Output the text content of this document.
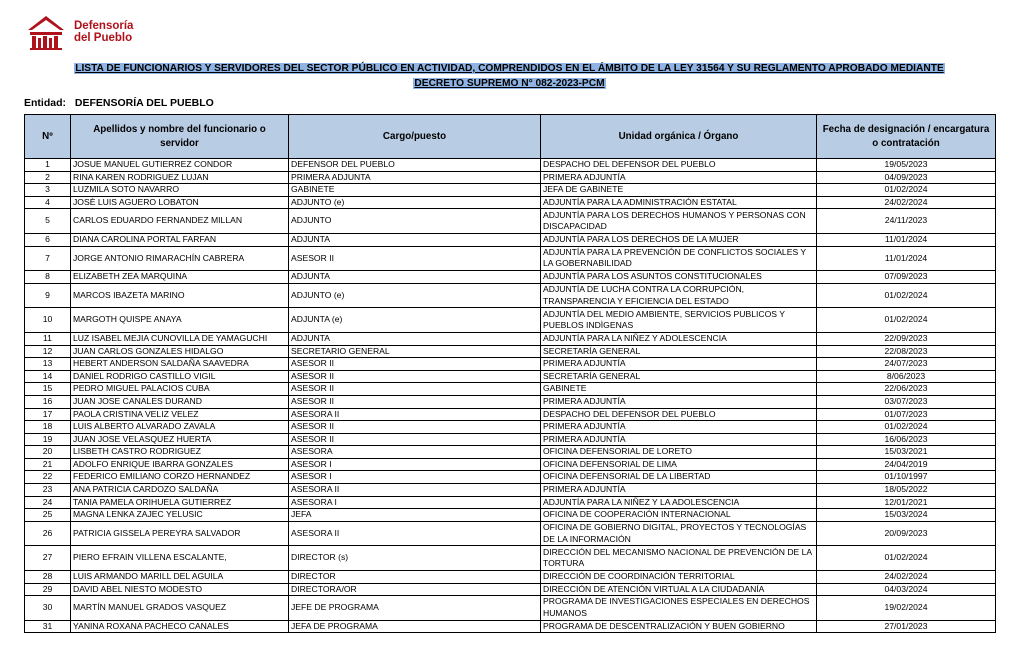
Defensoría
del Pueblo
LISTA DE FUNCIONARIOS Y SERVIDORES DEL SECTOR PÚBLICO EN ACTIVIDAD, COMPRENDIDOS EN EL ÁMBITO DE LA LEY 31564 Y SU REGLAMENTO APROBADO MEDIANTE
DECRETO SUPREMO N° 082-2023-PCM
Entidad: DEFENSORÍA DEL PUEBLO
Nº	Apellidos y nombre del funcionario o servidor	Cargo/puesto	Unidad orgánica / Órgano	Fecha de designación / encargatura o contratación
1	JOSUE MANUEL GUTIERREZ CONDOR	DEFENSOR DEL PUEBLO	DESPACHO DEL DEFENSOR DEL PUEBLO	19/05/2023
2	RINA KAREN RODRIGUEZ LUJAN	PRIMERA ADJUNTA	PRIMERA ADJUNTÍA	04/09/2023
3	LUZMILA SOTO NAVARRO	GABINETE	JEFA DE GABINETE	01/02/2024
4	JOSÈ LUIS AGUERO LOBATON	ADJUNTO (e)	ADJUNTÍA PARA LA ADMINISTRACIÓN ESTATAL	24/02/2024
5	CARLOS EDUARDO FERNANDEZ MILLAN	ADJUNTO	ADJUNTÍA PARA LOS DERECHOS HUMANOS Y PERSONAS CON DISCAPACIDAD	24/11/2023
6	DIANA CAROLINA PORTAL FARFAN	ADJUNTA	ADJUNTÍA PARA LOS DERECHOS DE LA MUJER	11/01/2024
7	JORGE ANTONIO RIMARACHÍN CABRERA	ASESOR II	ADJUNTÍA PARA LA PREVENCIÓN DE CONFLICTOS SOCIALES Y LA GOBERNABILIDAD	11/01/2024
8	ELIZABETH ZEA MARQUINA	ADJUNTA	ADJUNTÍA PARA LOS ASUNTOS CONSTITUCIONALES	07/09/2023
9	MARCOS IBAZETA MARINO	ADJUNTO (e)	ADJUNTÍA DE LUCHA CONTRA LA CORRUPCIÓN, TRANSPARENCIA Y EFICIENCIA DEL ESTADO	01/02/2024
10	MARGOTH QUISPE ANAYA	ADJUNTA (e)	ADJUNTÍA DEL MEDIO AMBIENTE, SERVICIOS PUBLICOS Y PUEBLOS INDÌGENAS	01/02/2024
11	LUZ ISABEL MEJIA CUNOVILLA DE YAMAGUCHI	ADJUNTA	ADJUNTÍA PARA LA NIÑEZ Y ADOLESCENCIA	22/09/2023
12	JUAN CARLOS GONZALES HIDALGO	SECRETARIO GENERAL	SECRETARÍA GENERAL	22/08/2023
13	HEBERT ANDERSON SALDAÑA SAAVEDRA	ASESOR II	PRIMERA ADJUNTÍA	24/07/2023
14	DANIEL RODRIGO CASTILLO VIGIL	ASESOR II	SECRETARÍA GENERAL	8/06/2023
15	PEDRO MIGUEL PALACIOS CUBA	ASESOR II	GABINETE	22/06/2023
16	JUAN JOSE CANALES DURAND	ASESOR II	PRIMERA ADJUNTÍA	03/07/2023
17	PAOLA CRISTINA VELIZ VELEZ	ASESORA II	DESPACHO DEL DEFENSOR DEL PUEBLO	01/07/2023
18	LUIS ALBERTO ALVARADO ZAVALA	ASESOR II	PRIMERA ADJUNTÍA	01/02/2024
19	JUAN JOSE VELASQUEZ HUERTA	ASESOR II	PRIMERA ADJUNTÍA	16/06/2023
20	LISBETH CASTRO RODRIGUEZ	ASESORA	OFICINA DEFENSORIAL DE LORETO	15/03/2021
21	ADOLFO ENRIQUE IBARRA GONZALES	ASESOR I	OFICINA DEFENSORIAL DE LIMA	24/04/2019
22	FEDERICO EMILIANO CORZO HERNANDEZ	ASESOR I	OFICINA DEFENSORIAL DE LA LIBERTAD	01/10/1997
23	ANA PATRICIA CARDOZO SALDAÑA	ASESORA II	PRIMERA ADJUNTÍA	18/05/2022
24	TANIA PAMELA ORIHUELA GUTIERREZ	ASESORA I	ADJUNTÍA PARA LA NIÑEZ Y LA ADOLESCENCIA	12/01/2021
25	MAGNA LENKA ZAJEC YELUSIC	JEFA	OFICINA DE COOPERACIÓN INTERNACIONAL	15/03/2024
26	PATRICIA GISSELA PEREYRA SALVADOR	ASESORA II	OFICINA DE GOBIERNO DIGITAL, PROYECTOS Y TECNOLOGÍAS DE LA INFORMACIÓN	20/09/2023
27	PIERO EFRAIN VILLENA ESCALANTE,	DIRECTOR (s)	DIRECCIÓN DEL MECANISMO NACIONAL DE PREVENCIÓN DE LA TORTURA	01/02/2024
28	LUIS ARMANDO MARILL DEL AGUILA	DIRECTOR	DIRECCIÓN DE COORDINACIÓN TERRITORIAL	24/02/2024
29	DAVID ABEL NIESTO MODESTO	DIRECTORA/OR	DIRECCIÓN DE ATENCIÓN VIRTUAL A LA CIUDADANÍA	04/03/2024
30	MARTÍN MANUEL GRADOS VASQUEZ	JEFE DE PROGRAMA	PROGRAMA DE INVESTIGACIONES ESPECIALES EN DERECHOS HUMANOS	19/02/2024
31	YANINA ROXANA PACHECO CANALES	JEFA DE PROGRAMA	PROGRAMA DE DESCENTRALIZACIÓN Y BUEN GOBIERNO	27/01/2023
